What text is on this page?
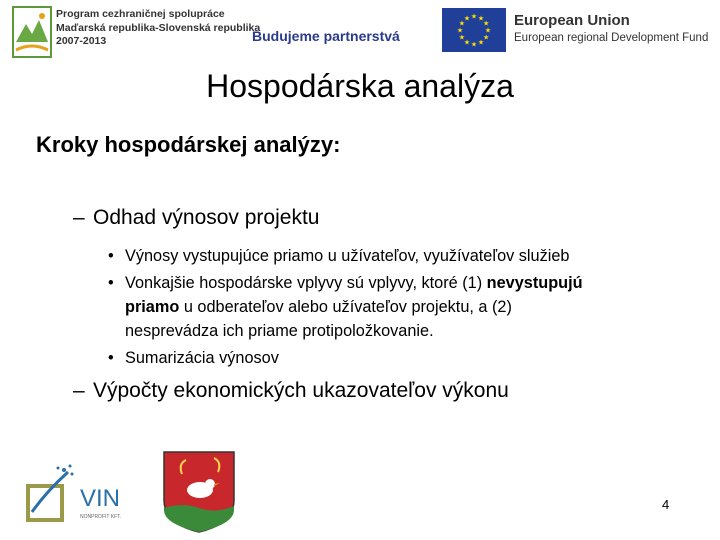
Program cezhraničnej spolupráce
Maďarská republika-Slovenská republika
2007-2013	Budujeme partnerstvá
★ ★
★
★
★
★
★
★
★
★
★
★	European Union
European regional Development Fund
Hospodárska analýza
Kroky hospodárskej analýzy:
– Odhad výnosov projektu
• Výnosy vystupujúce priamo u užívateľov, využívateľov služieb
• Vonkajšie hospodárske vplyvy sú vplyvy, ktoré (1) nevystupujú
priamo u odberateľov alebo užívateľov projektu, a (2)
nesprevádza ich priame protipoložkovanie.
• Sumarizácia výnosov
– Výpočty ekonomických ukazovateľov výkonu
VIN
NONPROFIT KFT.
4
